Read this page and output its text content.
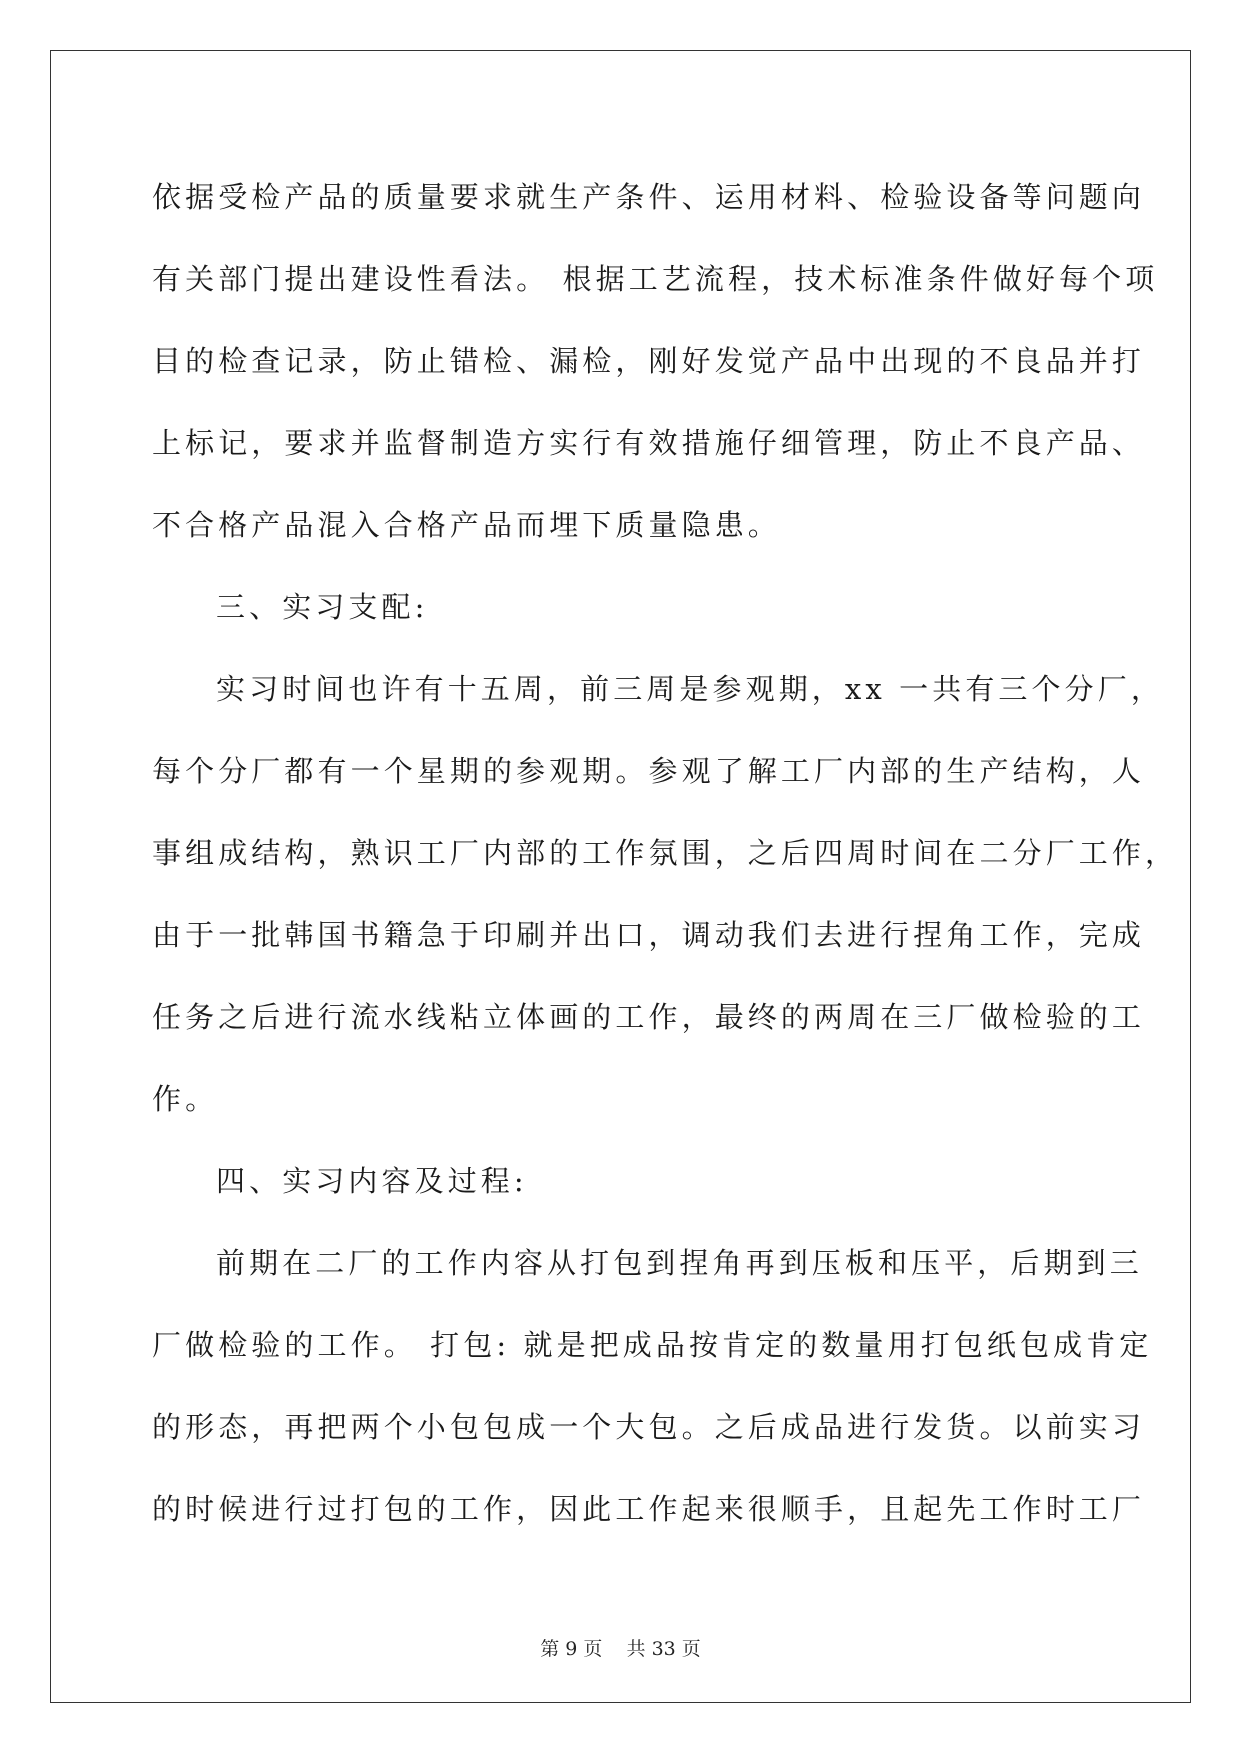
依据受检产品的质量要求就生产条件、运用材料、检验设备等问题向
有关部门提出建设性看法。 根据工艺流程，技术标准条件做好每个项
目的检查记录，防止错检、漏检，刚好发觉产品中出现的不良品并打
上标记，要求并监督制造方实行有效措施仔细管理，防止不良产品、
不合格产品混入合格产品而埋下质量隐患。
三、实习支配:
实习时间也许有十五周，前三周是参观期，xx 一共有三个分厂，
每个分厂都有一个星期的参观期。参观了解工厂内部的生产结构，人
事组成结构，熟识工厂内部的工作氛围，之后四周时间在二分厂工作，
由于一批韩国书籍急于印刷并出口，调动我们去进行捏角工作，完成
任务之后进行流水线粘立体画的工作，最终的两周在三厂做检验的工
作。
四、实习内容及过程:
前期在二厂的工作内容从打包到捏角再到压板和压平，后期到三
厂做检验的工作。 打包: 就是把成品按肯定的数量用打包纸包成肯定
的形态，再把两个小包包成一个大包。之后成品进行发货。以前实习
的时候进行过打包的工作，因此工作起来很顺手，且起先工作时工厂
第 9 页 共 33 页
